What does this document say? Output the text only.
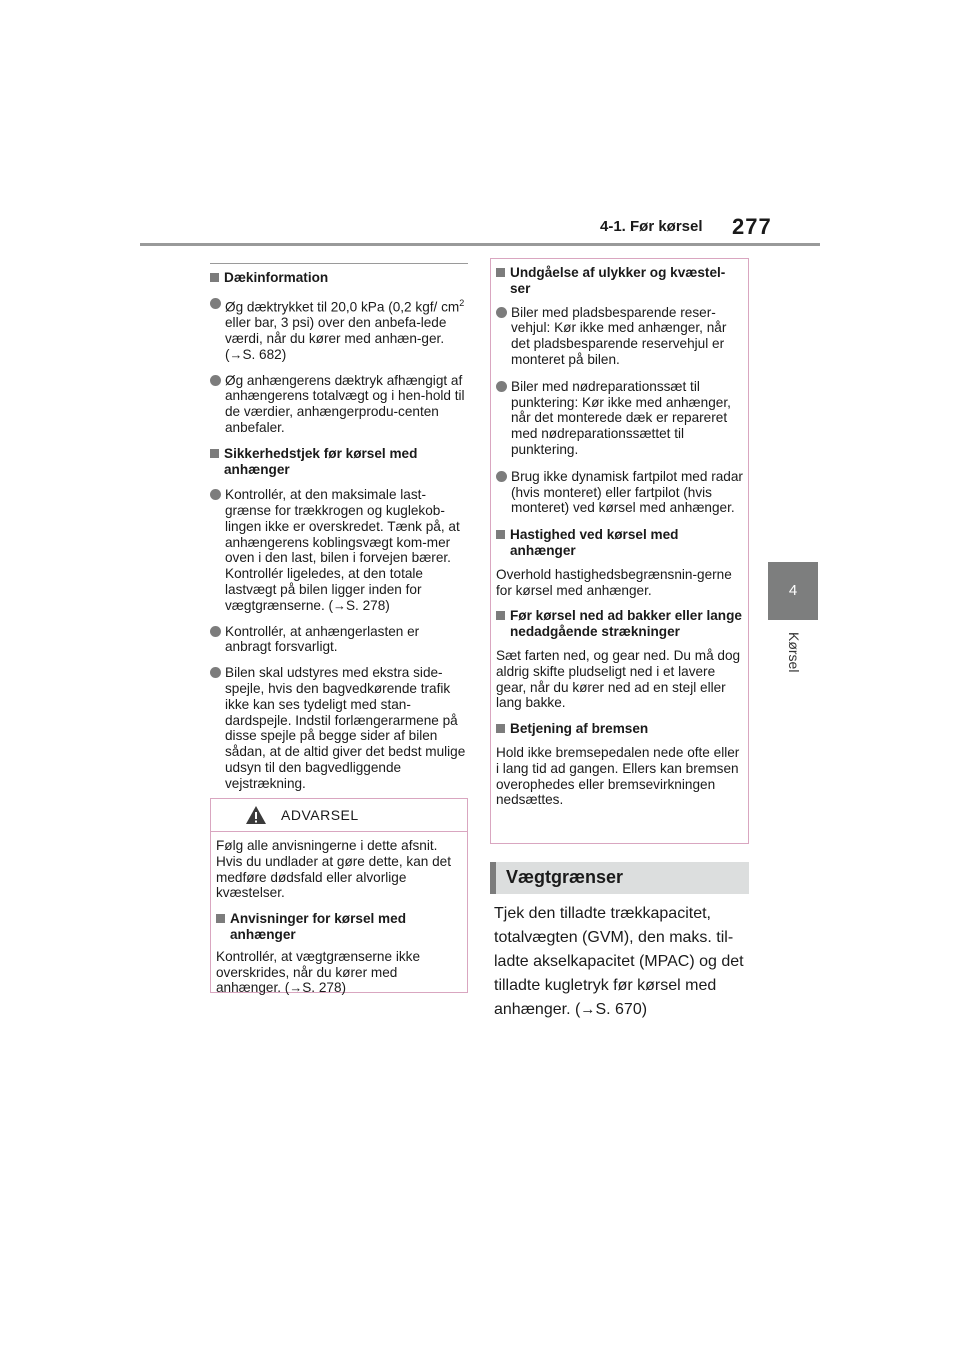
4-1. Før kørsel 277
4
Kørsel
Dækinformation
Øg dæktrykket til 20,0 kPa (0,2 kgf/ $cm^2$ eller bar, 3 psi) over den anbefa-lede værdi, når du kører med anhæn-ger. (→S. 682)
Øg anhængerens dæktryk afhængigt af anhængerens totalvægt og i hen-hold til de værdier, anhængerprodu-centen anbefaler.
Sikkerhedstjek før kørsel med anhænger
Kontrollér, at den maksimale last-grænse for trækkrogen og kuglekob-lingen ikke er overskredet. Tænk på, at anhængerens koblingsvægt kom-mer oven i den last, bilen i forvejen bærer. Kontrollér ligeledes, at den totale lastvægt på bilen ligger inden for vægtgrænserne. (→S. 278)
Kontrollér, at anhængerlasten er anbragt forsvarligt.
Bilen skal udstyres med ekstra side-spejle, hvis den bagvedkørende trafik ikke kan ses tydeligt med stan-dardspejle. Indstil forlængerarmene på disse spejle på begge sider af bilen sådan, at de altid giver det bedst mulige udsyn til den bagvedliggende vejstrækning.
ADVARSEL
Følg alle anvisningerne i dette afsnit. Hvis du undlader at gøre dette, kan det medføre dødsfald eller alvorlige kvæstelser.
Anvisninger for kørsel med anhænger
Kontrollér, at vægtgrænserne ikke overskrides, når du kører med anhænger. (→S. 278)
Undgåelse af ulykker og kvæstel-ser
Biler med pladsbesparende reser-vehjul: Kør ikke med anhænger, når det pladsbesparende reservehjul er monteret på bilen.
Biler med nødreparationssæt til punktering: Kør ikke med anhænger, når det monterede dæk er repareret med nødreparationssættet til punktering.
Brug ikke dynamisk fartpilot med radar (hvis monteret) eller fartpilot (hvis monteret) ved kørsel med anhænger.
Hastighed ved kørsel med anhænger
Overhold hastighedsbegrænsnin-gerne for kørsel med anhænger.
Før kørsel ned ad bakker eller lange nedadgående strækninger
Sæt farten ned, og gear ned. Du må dog aldrig skifte pludseligt ned i et lavere gear, når du kører ned ad en stejl eller lang bakke.
Betjening af bremsen
Hold ikke bremsepedalen nede ofte eller i lang tid ad gangen. Ellers kan bremsen overophedes eller bremsevirkningen nedsættes.
Vægtgrænser
Tjek den tilladte trækkapacitet, totalvægten (GVM), den maks. til-ladte akselkapacitet (MPAC) og det tilladte kugletryk før kørsel med anhænger. (→S. 670)
